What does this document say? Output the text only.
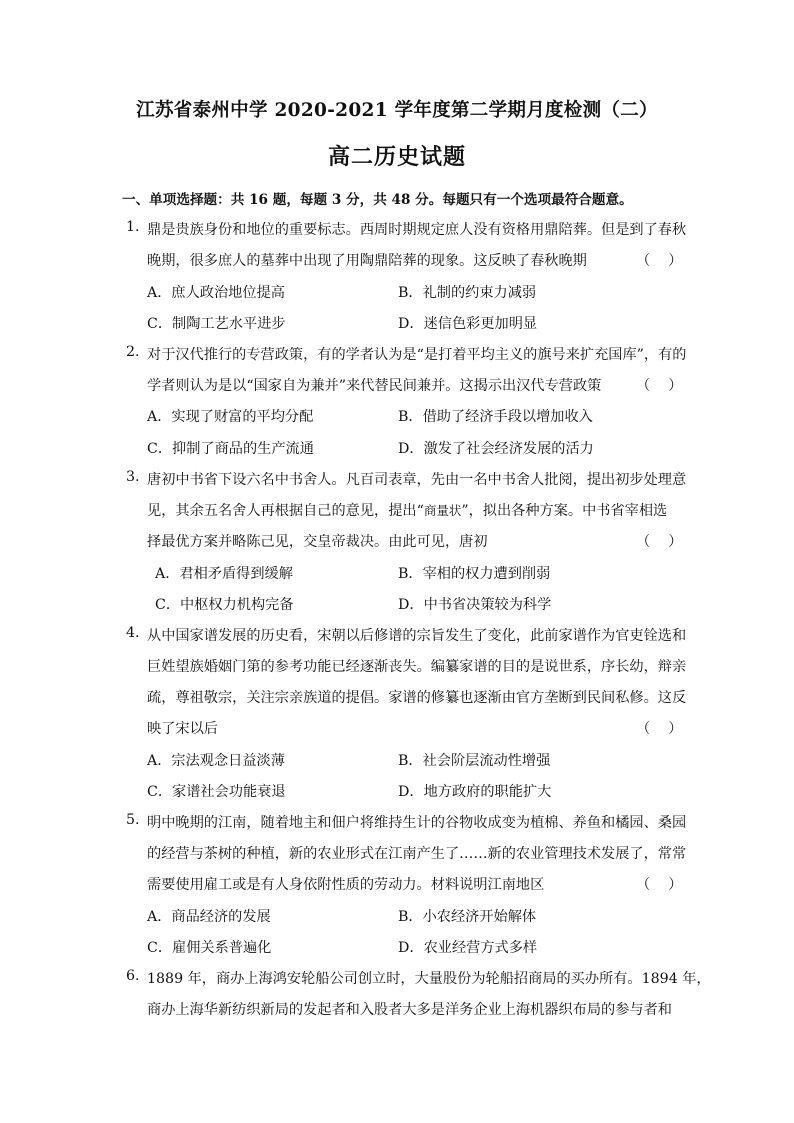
江苏省泰州中学 2020-2021 学年度第二学期月度检测（二）
高二历史试题
一、单项选择题：共 16 题，每题 3 分，共 48 分。每题只有一个选项最符合题意。
1. 鼎是贵族身份和地位的重要标志。西周时期规定庶人没有资格用鼎陪葬。但是到了春秋
晚期，很多庶人的墓葬中出现了用陶鼎陪葬的现象。这反映了春秋晚期	（    ）
A．庶人政治地位提高	B．礼制的约束力减弱
C．制陶工艺水平进步	D．迷信色彩更加明显
2. 对于汉代推行的专营政策，有的学者认为是“是打着平均主义的旗号来扩充国库”，有的
学者则认为是以“国家自为兼并”来代替民间兼并。这揭示出汉代专营政策 （    ）
A．实现了财富的平均分配	B．借助了经济手段以增加收入
C．抑制了商品的生产流通	D．激发了社会经济发展的活力
3. 唐初中书省下设六名中书舍人。凡百司表章，先由一名中书舍人批阅，提出初步处理意
见，其余五名舍人再根据自己的意见，提出“商量状”，拟出各种方案。中书省宰相选
择最优方案并略陈己见，交皇帝裁决。由此可见，唐初	（    ）
A．君相矛盾得到缓解	B．宰相的权力遭到削弱
C．中枢权力机构完备	D．中书省决策较为科学
4. 从中国家谱发展的历史看，宋朝以后修谱的宗旨发生了变化，此前家谱作为官吏铨选和
巨姓望族婚姻门第的参考功能已经逐渐丧失。编纂家谱的目的是说世系，序长幼，辩亲
疏，尊祖敬宗，关注宗亲族道的提倡。家谱的修纂也逐渐由官方垄断到民间私修。这反
映了宋以后	（    ）
A．宗法观念日益淡薄	B．社会阶层流动性增强
C．家谱社会功能衰退	D．地方政府的职能扩大
5. 明中晚期的江南，随着地主和佃户将维持生计的谷物收成变为植棉、养鱼和橘园、桑园
的经营与茶树的种植，新的农业形式在江南产生了……新的农业管理技术发展了，常常
需要使用雇工或是有人身依附性质的劳动力。材料说明江南地区	（    ）
A．商品经济的发展	B．小农经济开始解体
C．雇佣关系普遍化	D．农业经营方式多样
6. 1889 年，商办上海鸿安轮船公司创立时，大量股份为轮船招商局的买办所有。1894 年，
商办上海华新纺织新局的发起者和入股者大多是洋务企业上海机器织布局的参与者和
